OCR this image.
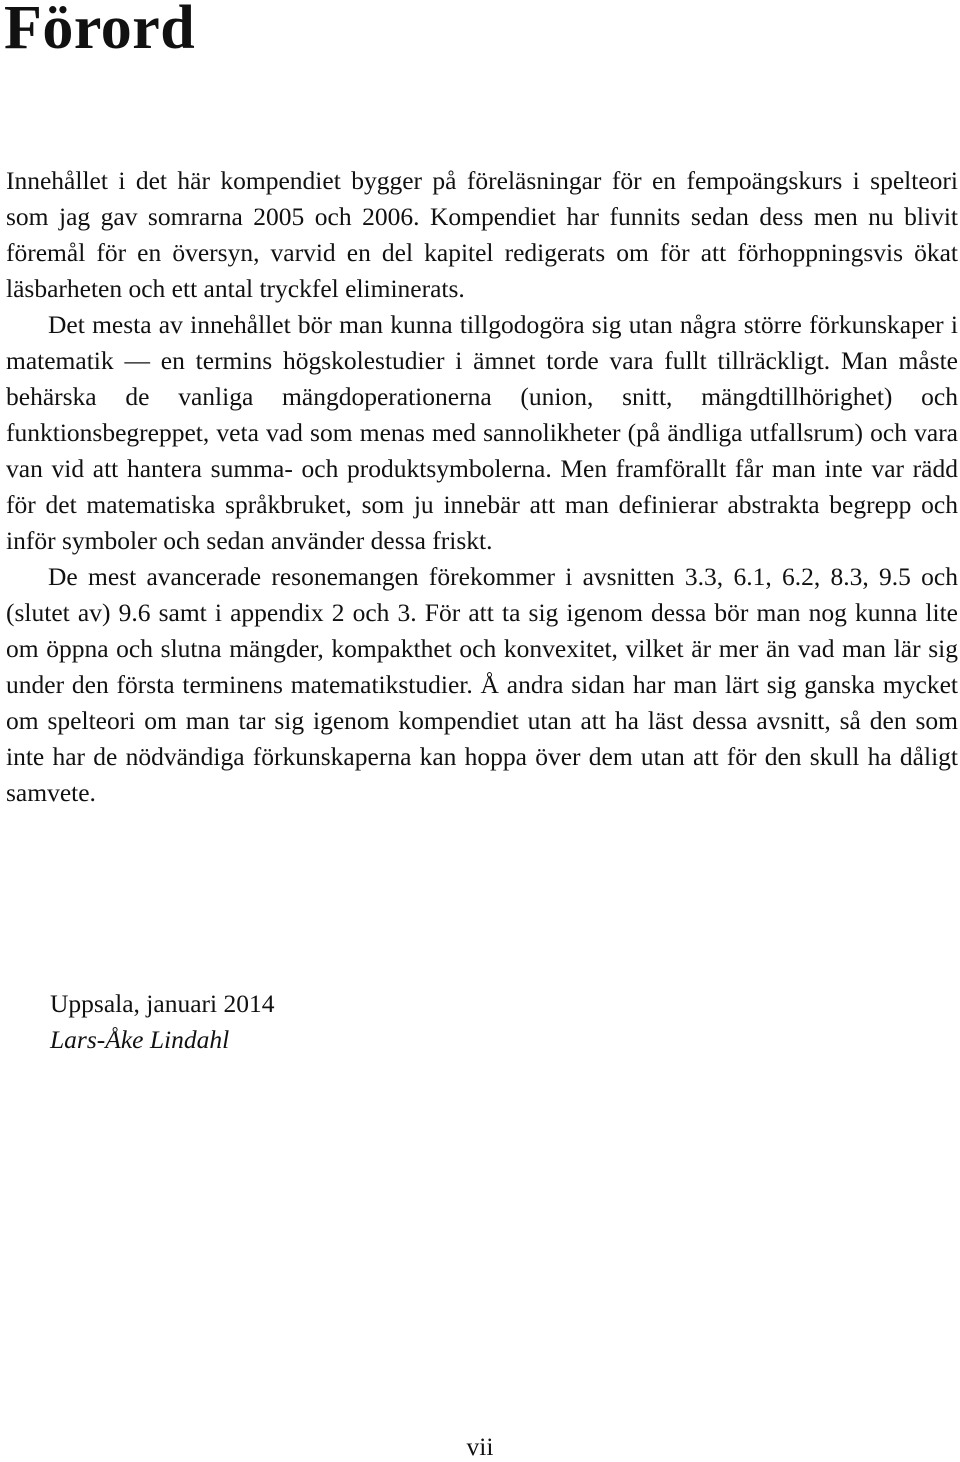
Förord

Innehållet i det här kompendiet bygger på föreläsningar för en fempoängskurs i spelteori som jag gav somrarna 2005 och 2006. Kompendiet har funnits sedan dess men nu blivit föremål för en översyn, varvid en del kapitel redigerats om för att förhoppningsvis ökat läsbarheten och ett antal tryckfel eliminerats.

Det mesta av innehållet bör man kunna tillgodogöra sig utan några större förkunskaper i matematik — en termins högskolestudier i ämnet torde vara fullt tillräckligt. Man måste behärska de vanliga mängdoperationerna (union, snitt, mängdtillhörighet) och funktionsbegreppet, veta vad som menas med sannolikheter (på ändliga utfallsrum) och vara van vid att hantera summa- och produktsymbolerna. Men framförallt får man inte var rädd för det matematiska språkbruket, som ju innebär att man definierar abstrakta begrepp och inför symboler och sedan använder dessa friskt.

De mest avancerade resonemangen förekommer i avsnitten 3.3, 6.1, 6.2, 8.3, 9.5 och (slutet av) 9.6 samt i appendix 2 och 3. För att ta sig igenom dessa bör man nog kunna lite om öppna och slutna mängder, kompakthet och konvexitet, vilket är mer än vad man lär sig under den första terminens matematikstudier. Å andra sidan har man lärt sig ganska mycket om spelteori om man tar sig igenom kompendiet utan att ha läst dessa avsnitt, så den som inte har de nödvändiga förkunskaperna kan hoppa över dem utan att för den skull ha dåligt samvete.

Uppsala, januari 2014
Lars-Åke Lindahl
vii
